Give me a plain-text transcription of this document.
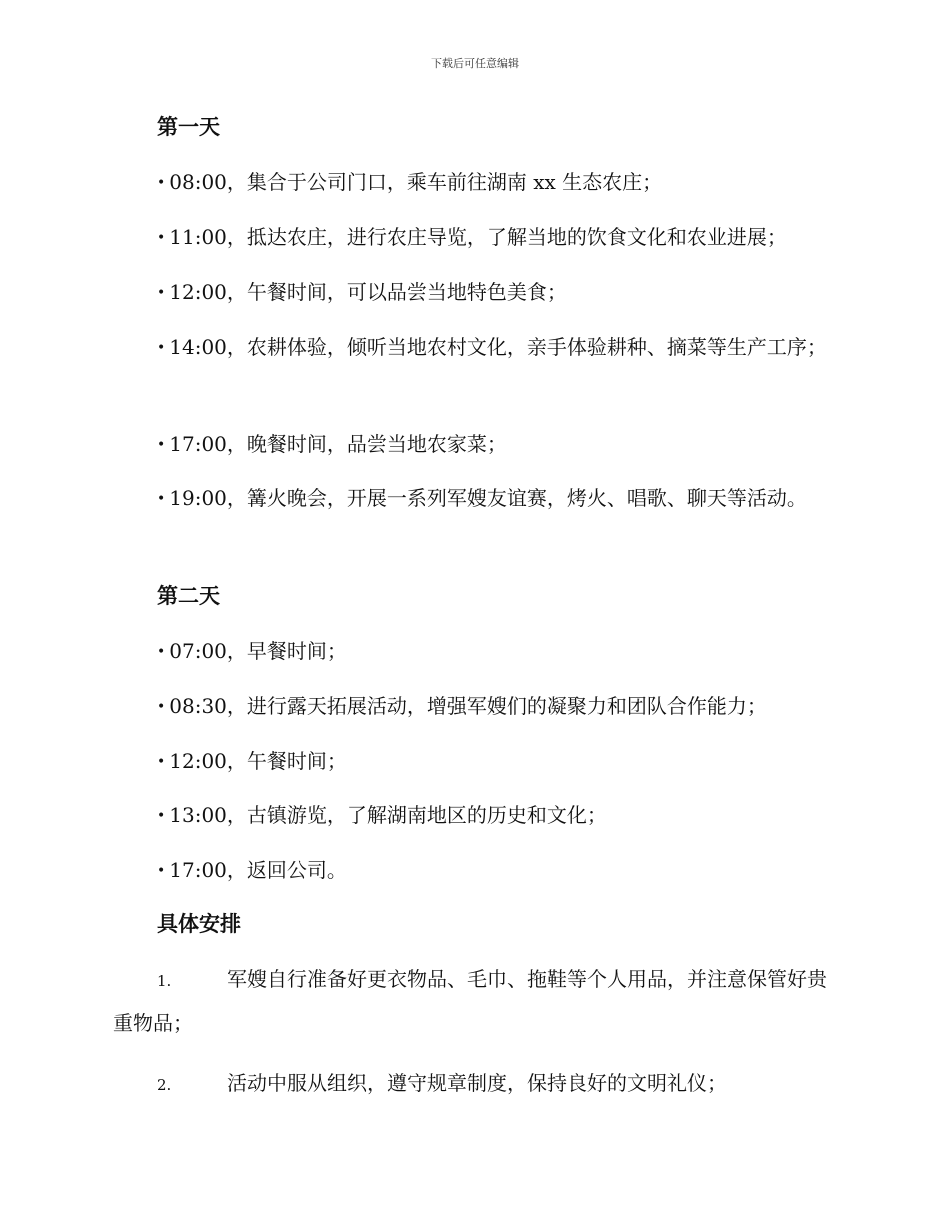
下载后可任意编辑
第一天
• 08:00，集合于公司门口，乘车前往湖南 xx 生态农庄；
• 11:00，抵达农庄，进行农庄导览，了解当地的饮食文化和农业进展；
• 12:00，午餐时间，可以品尝当地特色美食；

• 14:00，农耕体验，倾听当地农村文化，亲手体验耕种、摘菜等生产工序；

• 17:00，晚餐时间，品尝当地农家菜；

• 19:00，篝火晚会，开展一系列军嫂友谊赛，烤火、唱歌、聊天等活动。

第二天
• 07:00，早餐时间；
• 08:30，进行露天拓展活动，增强军嫂们的凝聚力和团队合作能力；
• 12:00，午餐时间；
• 13:00，古镇游览，了解湖南地区的历史和文化；
• 17:00，返回公司。
具体安排

1.	军嫂自行准备好更衣物品、毛巾、拖鞋等个人用品，并注意保管好贵重物品；

2.	活动中服从组织，遵守规章制度，保持良好的文明礼仪；
